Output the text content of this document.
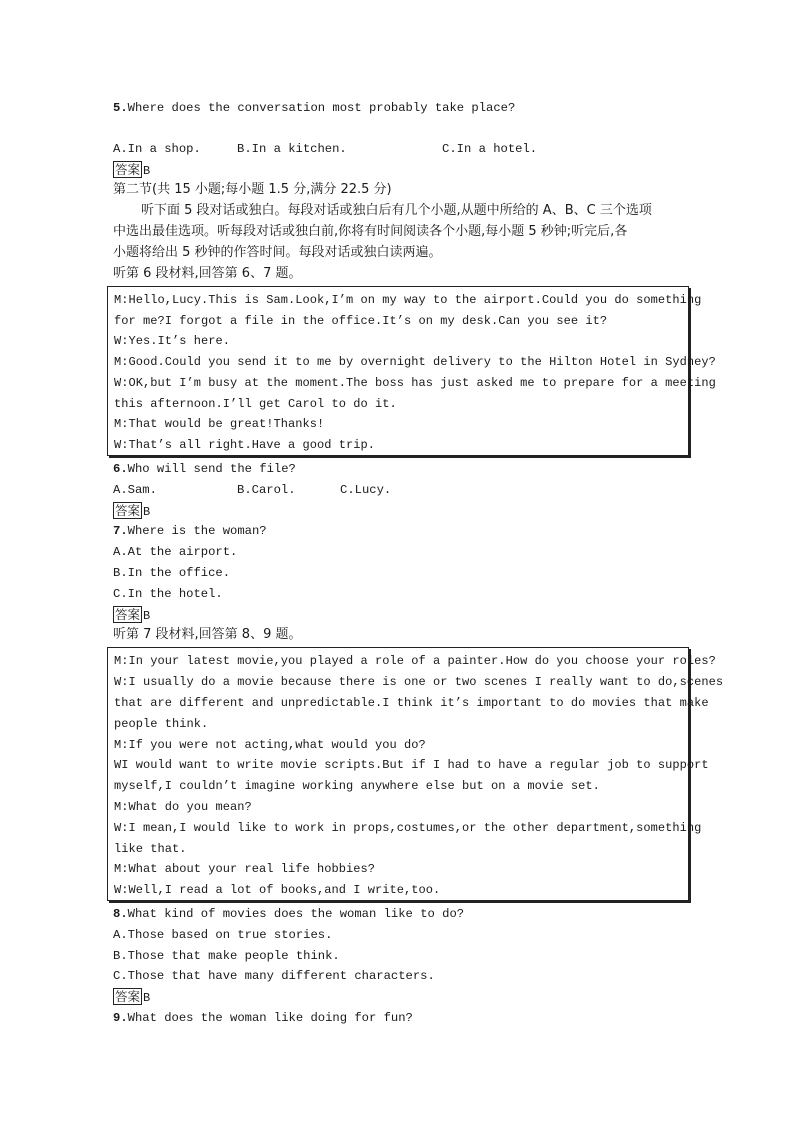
5.Where does the conversation most probably take place?
A.In a shop.	B.In a kitchen.	C.In a hotel.
答案 B
第二节(共 15 小题;每小题 1.5 分,满分 22.5 分)
听下面 5 段对话或独白。每段对话或独白后有几个小题,从题中所给的 A、B、C 三个选项
中选出最佳选项。听每段对话或独白前,你将有时间阅读各个小题,每小题 5 秒钟;听完后,各
小题将给出 5 秒钟的作答时间。每段对话或独白读两遍。
听第 6 段材料,回答第 6、7 题。
M:Hello,Lucy.This is Sam.Look,I’m on my way to the airport.Could you do something
for me?I forgot a file in the office.It’s on my desk.Can you see it?
W:Yes.It’s here.
M:Good.Could you send it to me by overnight delivery to the Hilton Hotel in Sydney?
W:OK,but I’m busy at the moment.The boss has just asked me to prepare for a meeting
this afternoon.I’ll get Carol to do it.
M:That would be great!Thanks!
W:That’s all right.Have a good trip.
6.Who will send the file?
A.Sam.	B.Carol.	C.Lucy.
答案 B
7.Where is the woman?
A.At the airport.
B.In the office.
C.In the hotel.
答案 B
听第 7 段材料,回答第 8、9 题。
M:In your latest movie,you played a role of a painter.How do you choose your roles?
W:I usually do a movie because there is one or two scenes I really want to do,scenes
that are different and unpredictable.I think it’s important to do movies that make
people think.
M:If you were not acting,what would you do?
WI would want to write movie scripts.But if I had to have a regular job to support
myself,I couldn’t imagine working anywhere else but on a movie set.
M:What do you mean?
W:I mean,I would like to work in props,costumes,or the other department,something
like that.
M:What about your real life hobbies?
W:Well,I read a lot of books,and I write,too.
8.What kind of movies does the woman like to do?
A.Those based on true stories.
B.Those that make people think.
C.Those that have many different characters.
答案 B
9.What does the woman like doing for fun?
